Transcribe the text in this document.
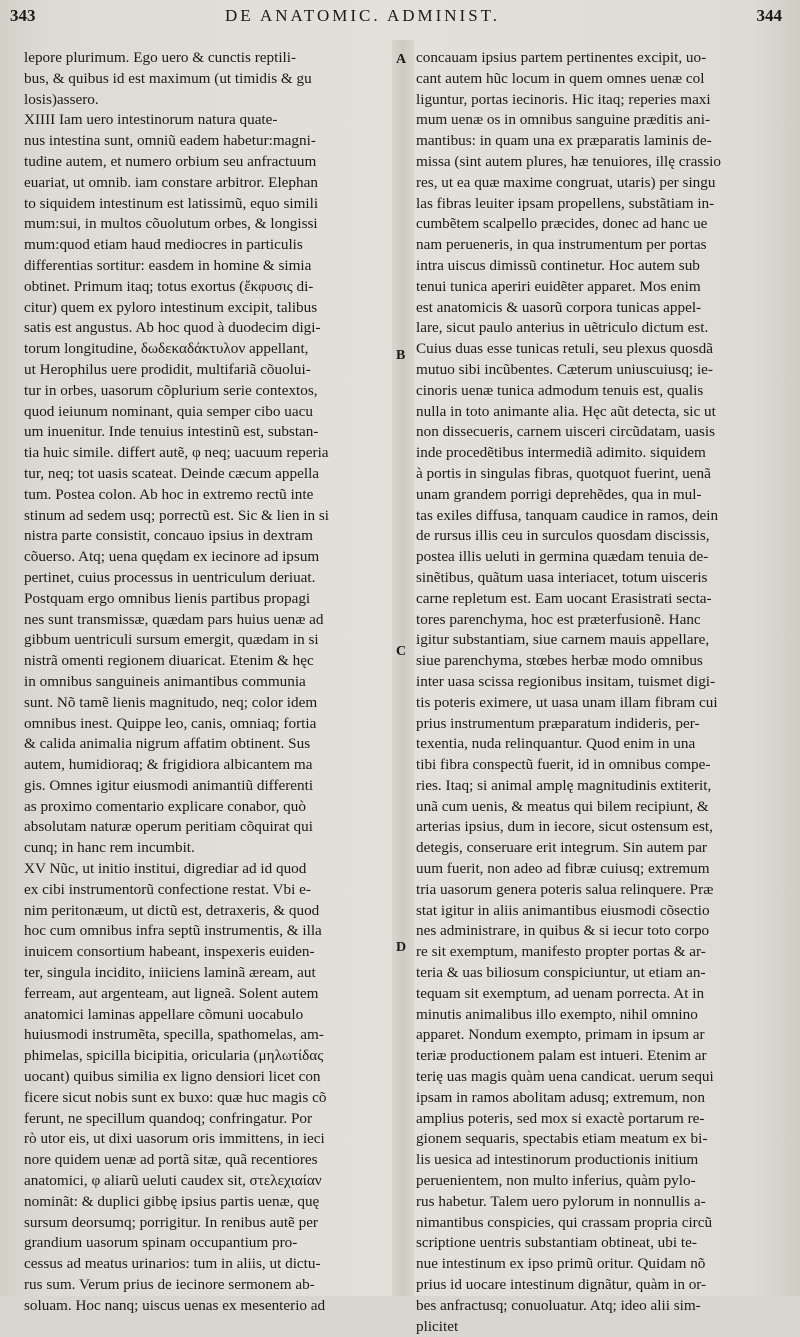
343	DE ANATOMIC. ADMINIST.	344
A
B
C
D

lepore plurimum. Ego uero & cunctis reptili-

bus, & quibus id est maximum (ut timidis & gu

losis)assero.

XIIII Iam uero intestinorum natura quate-

nus intestina sunt, omniũ eadem habetur:magni-

tudine autem, et numero orbium seu anfractuum

euariat, ut omnib. iam constare arbitror. Elephan

to siquidem intestinum est latissimũ, equo simili

mum:sui, in multos cõuolutum orbes, & longissi

mum:quod etiam haud mediocres in particulis

differentias sortitur: easdem in homine & simia

obtinet. Primum itaq; totus exortus (ἔκφυσις di-

citur) quem ex pyloro intestinum excipit, talibus

satis est angustus. Ab hoc quod à duodecim digi-

torum longitudine, δωδεκαδάκτυλον appellant,

ut Herophilus uere prodidit, multifariã cõuolui-

tur in orbes, uasorum cõplurium serie contextos,

quod ieiunum nominant, quia semper cibo uacu

um inuenitur. Inde tenuius intestinũ est, substan-

tia huic simile. differt autẽ, φ neq; uacuum reperia

tur, neq; tot uasis scateat. Deinde cæcum appella

tum. Postea colon. Ab hoc in extremo rectũ inte

stinum ad sedem usq; porrectũ est. Sic & lien in si

nistra parte consistit, concauo ipsius in dextram

cõuerso. Atq; uena quędam ex iecinore ad ipsum

pertinet, cuius processus in uentriculum deriuat.

Postquam ergo omnibus lienis partibus propagi

nes sunt transmissæ, quædam pars huius uenæ ad

gibbum uentriculi sursum emergit, quædam in si

nistrã omenti regionem diuaricat. Etenim & hęc

in omnibus sanguineis animantibus communia

sunt. Nõ tamẽ lienis magnitudo, neq; color idem

omnibus inest. Quippe leo, canis, omniaq; fortia

& calida animalia nigrum affatim obtinent. Sus

autem, humidioraq; & frigidiora albicantem ma

gis. Omnes igitur eiusmodi animantiũ differenti

as proximo comentario explicare conabor, quò

absolutam naturæ operum peritiam cõquirat qui

cunq; in hanc rem incumbit.

XV Nũc, ut initio institui, digrediar ad id quod

ex cibi instrumentorũ confectione restat. Vbi e-

nim peritonæum, ut dictũ est, detraxeris, & quod

hoc cum omnibus infra septũ instrumentis, & illa

inuicem consortium habeant, inspexeris euiden-

ter, singula incidito, iniiciens laminã æream, aut

ferream, aut argenteam, aut ligneã. Solent autem

anatomici laminas appellare cõmuni uocabulo

huiusmodi instrumẽta, specilla, spathomelas, am-

phimelas, spicilla bicipitia, oricularia (μηλωτίδας

uocant) quibus similia ex ligno densiori licet con

ficere sicut nobis sunt ex buxo: quæ huc magis cõ

ferunt, ne specillum quandoq; confringatur. Por

rò utor eis, ut dixi uasorum oris immittens, in ieci

nore quidem uenæ ad portã sitæ, quã recentiores

anatomici, φ aliarũ ueluti caudex sit, στελεχιαίαν

nominãt: & duplici gibbę ipsius partis uenæ, quę

sursum deorsumq; porrigitur. In renibus autẽ per

grandium uasorum spinam occupantium pro-

cessus ad meatus urinarios: tum in aliis, ut dictu-

rus sum. Verum prius de iecinore sermonem ab-

soluam. Hoc nanq; uiscus uenas ex mesenterio ad

concauam ipsius partem pertinentes excipit, uo-

cant autem hũc locum in quem omnes uenæ col

liguntur, portas iecinoris. Hic itaq; reperies maxi

mum uenæ os in omnibus sanguine præditis ani-

mantibus: in quam una ex præparatis laminis de-

missa (sint autem plures, hæ tenuiores, illę crassio

res, ut ea quæ maxime congruat, utaris) per singu

las fibras leuiter ipsam propellens, substãtiam in-

cumbẽtem scalpello præcides, donec ad hanc ue

nam perueneris, in qua instrumentum per portas

intra uiscus dimissũ continetur. Hoc autem sub

tenui tunica aperiri euidẽter apparet. Mos enim

est anatomicis & uasorũ corpora tunicas appel-

lare, sicut paulo anterius in uẽtriculo dictum est.

Cuius duas esse tunicas retuli, seu plexus quosdã

mutuo sibi incũbentes. Cæterum uniuscuiusq; ie-

cinoris uenæ tunica admodum tenuis est, qualis

nulla in toto animante alia. Hęc aũt detecta, sic ut

non dissecueris, carnem uisceri circũdatam, uasis

inde procedẽtibus intermediã adimito. siquidem

à portis in singulas fibras, quotquot fuerint, uenã

unam grandem porrigi deprehẽdes, qua in mul-

tas exiles diffusa, tanquam caudice in ramos, dein

de rursus illis ceu in surculos quosdam discissis,

postea illis ueluti in germina quædam tenuia de-

sinẽtibus, quãtum uasa interiacet, totum uisceris

carne repletum est. Eam uocant Erasistrati secta-

tores parenchyma, hoc est præterfusionẽ. Hanc

igitur substantiam, siue carnem mauis appellare,

siue parenchyma, stœbes herbæ modo omnibus

inter uasa scissa regionibus insitam, tuismet digi-

tis poteris eximere, ut uasa unam illam fibram cui

prius instrumentum præparatum indideris, per-

texentia, nuda relinquantur. Quod enim in una

tibi fibra conspectũ fuerit, id in omnibus compe-

ries. Itaq; si animal amplę magnitudinis extiterit,

unã cum uenis, & meatus qui bilem recipiunt, &

arterias ipsius, dum in iecore, sicut ostensum est,

detegis, conseruare erit integrum. Sin autem par

uum fuerit, non adeo ad fibræ cuiusq; extremum

tria uasorum genera poteris salua relinquere. Præ

stat igitur in aliis animantibus eiusmodi cõsectio

nes administrare, in quibus & si iecur toto corpo

re sit exemptum, manifesto propter portas & ar-

teria & uas biliosum conspiciuntur, ut etiam an-

tequam sit exemptum, ad uenam porrecta. At in

minutis animalibus illo exempto, nihil omnino

apparet. Nondum exempto, primam in ipsum ar

teriæ productionem palam est intueri. Etenim ar

terię uas magis quàm uena candicat. uerum sequi

ipsam in ramos abolitam adusq; extremum, non

amplius poteris, sed mox si exactè portarum re-

gionem sequaris, spectabis etiam meatum ex bi-

lis uesica ad intestinorum productionis initium

peruenientem, non multo inferius, quàm pylo-

rus habetur. Talem uero pylorum in nonnullis a-

nimantibus conspicies, qui crassam propria circũ

scriptione uentris substantiam obtineat, ubi te-

nue intestinum ex ipso primũ oritur. Quidam nõ

prius id uocare intestinum dignãtur, quàm in or-

bes anfractusq; conuoluatur. Atq; ideo alii sim-

plicitet
